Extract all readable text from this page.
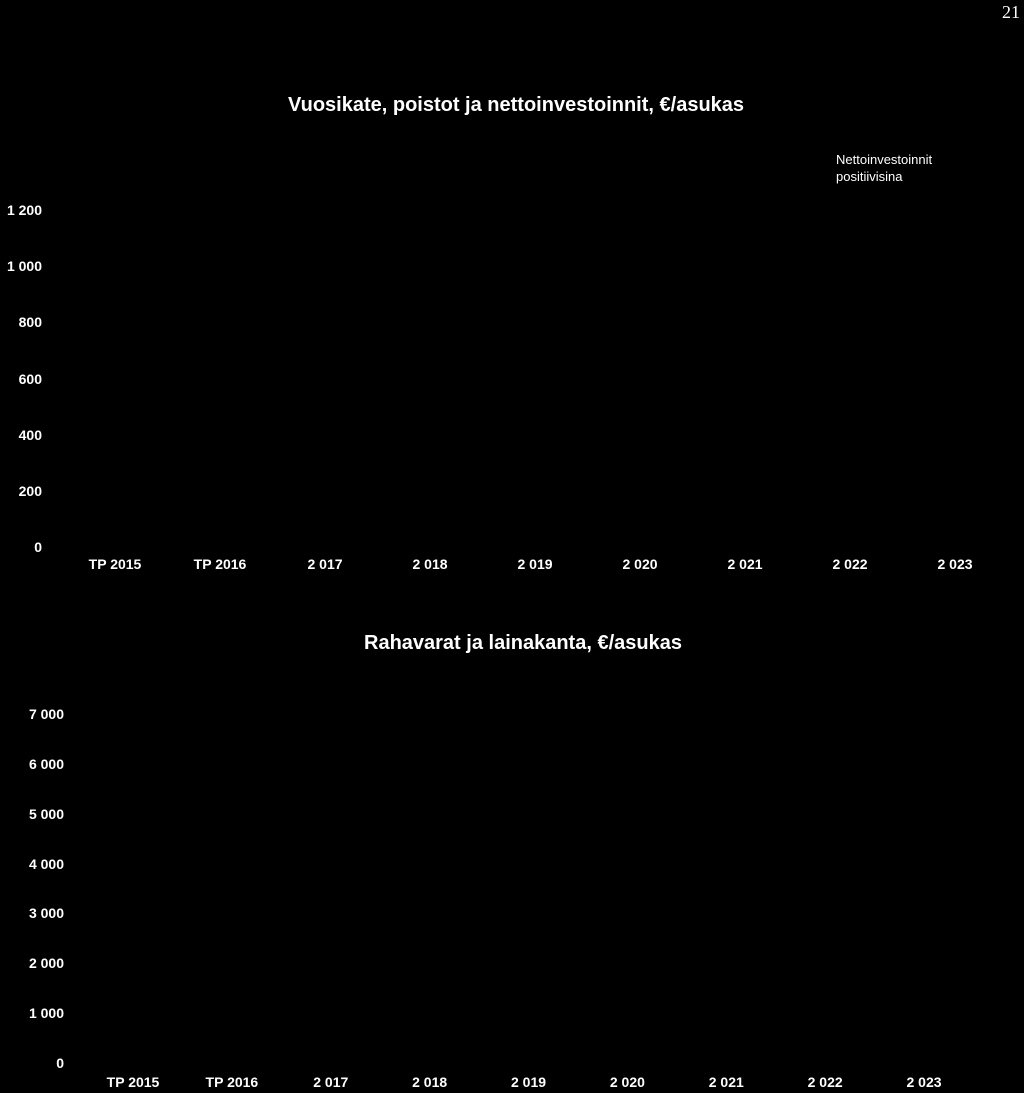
21
Vuosikate, poistot ja nettoinvestoinnit, €/asukas
Nettoinvestoinnit
positiivisina
1 200
1 000
800
600
400
200
0
TP 2015	TP 2016	2 017	2 018	2 019	2 020	2 021	2 022	2 023
Rahavarat ja lainakanta, €/asukas
7 000
6 000
5 000
4 000
3 000
2 000
1 000
0
TP 2015	TP 2016	2 017	2 018	2 019	2 020	2 021	2 022	2 023
